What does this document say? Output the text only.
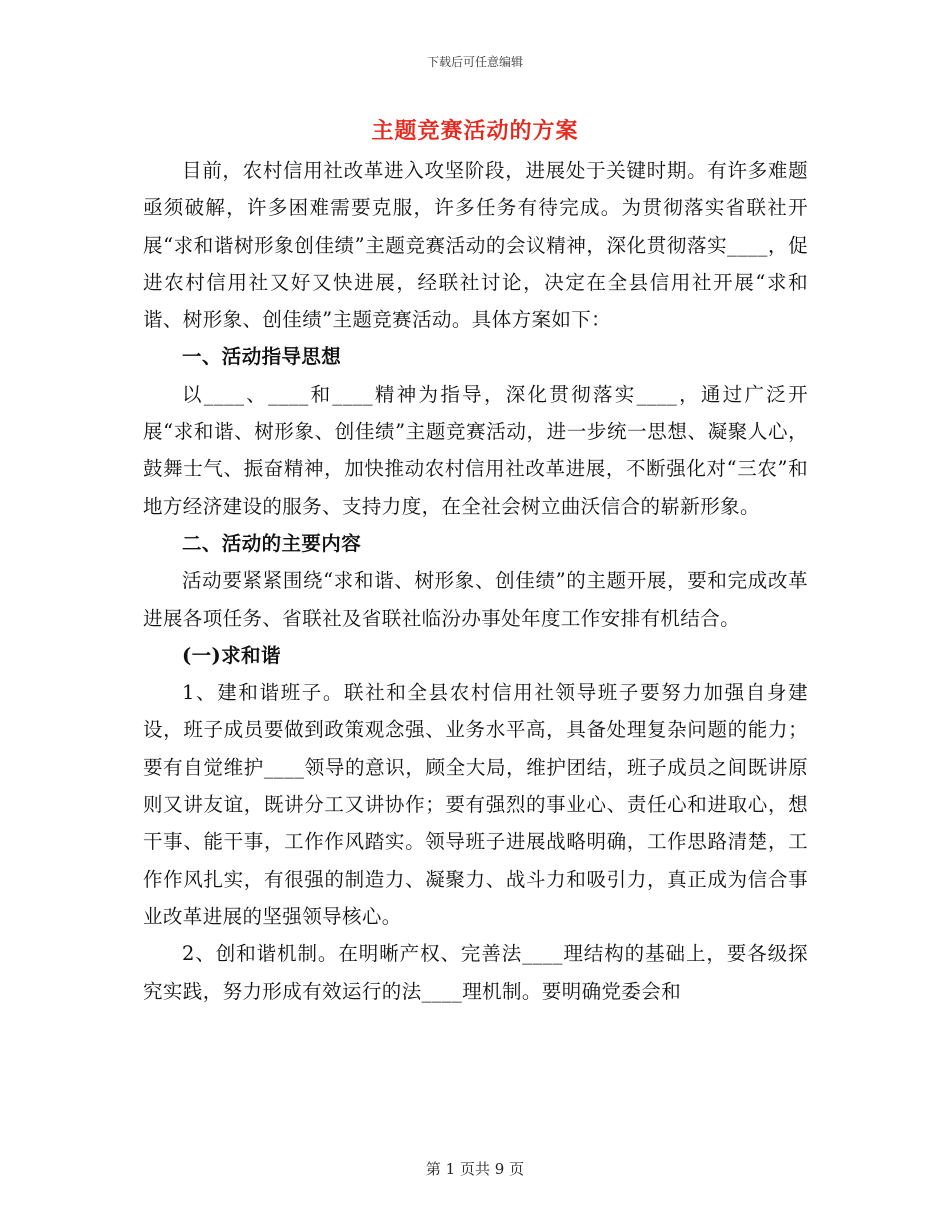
下载后可任意编辑
主题竞赛活动的方案

目前，农村信用社改革进入攻坚阶段，进展处于关键时期。有许多难题亟须破解，许多困难需要克服，许多任务有待完成。为贯彻落实省联社开展“求和谐树形象创佳绩”主题竞赛活动的会议精神，深化贯彻落实____，促进农村信用社又好又快进展，经联社讨论，决定在全县信用社开展“求和谐、树形象、创佳绩”主题竞赛活动。具体方案如下：

一、活动指导思想

以____、____和____精神为指导，深化贯彻落实____，通过广泛开展“求和谐、树形象、创佳绩”主题竞赛活动，进一步统一思想、凝聚人心，鼓舞士气、振奋精神，加快推动农村信用社改革进展，不断强化对“三农”和地方经济建设的服务、支持力度，在全社会树立曲沃信合的崭新形象。

二、活动的主要内容

活动要紧紧围绕“求和谐、树形象、创佳绩”的主题开展，要和完成改革进展各项任务、省联社及省联社临汾办事处年度工作安排有机结合。

(一)求和谐

1、建和谐班子。联社和全县农村信用社领导班子要努力加强自身建设，班子成员要做到政策观念强、业务水平高，具备处理复杂问题的能力；要有自觉维护____领导的意识，顾全大局，维护团结，班子成员之间既讲原则又讲友谊，既讲分工又讲协作；要有强烈的事业心、责任心和进取心，想干事、能干事，工作作风踏实。领导班子进展战略明确，工作思路清楚，工作作风扎实，有很强的制造力、凝聚力、战斗力和吸引力，真正成为信合事业改革进展的坚强领导核心。

2、创和谐机制。在明晰产权、完善法____理结构的基础上，要各级探究实践，努力形成有效运行的法____理机制。要明确党委会和

第 1 页共 9 页
